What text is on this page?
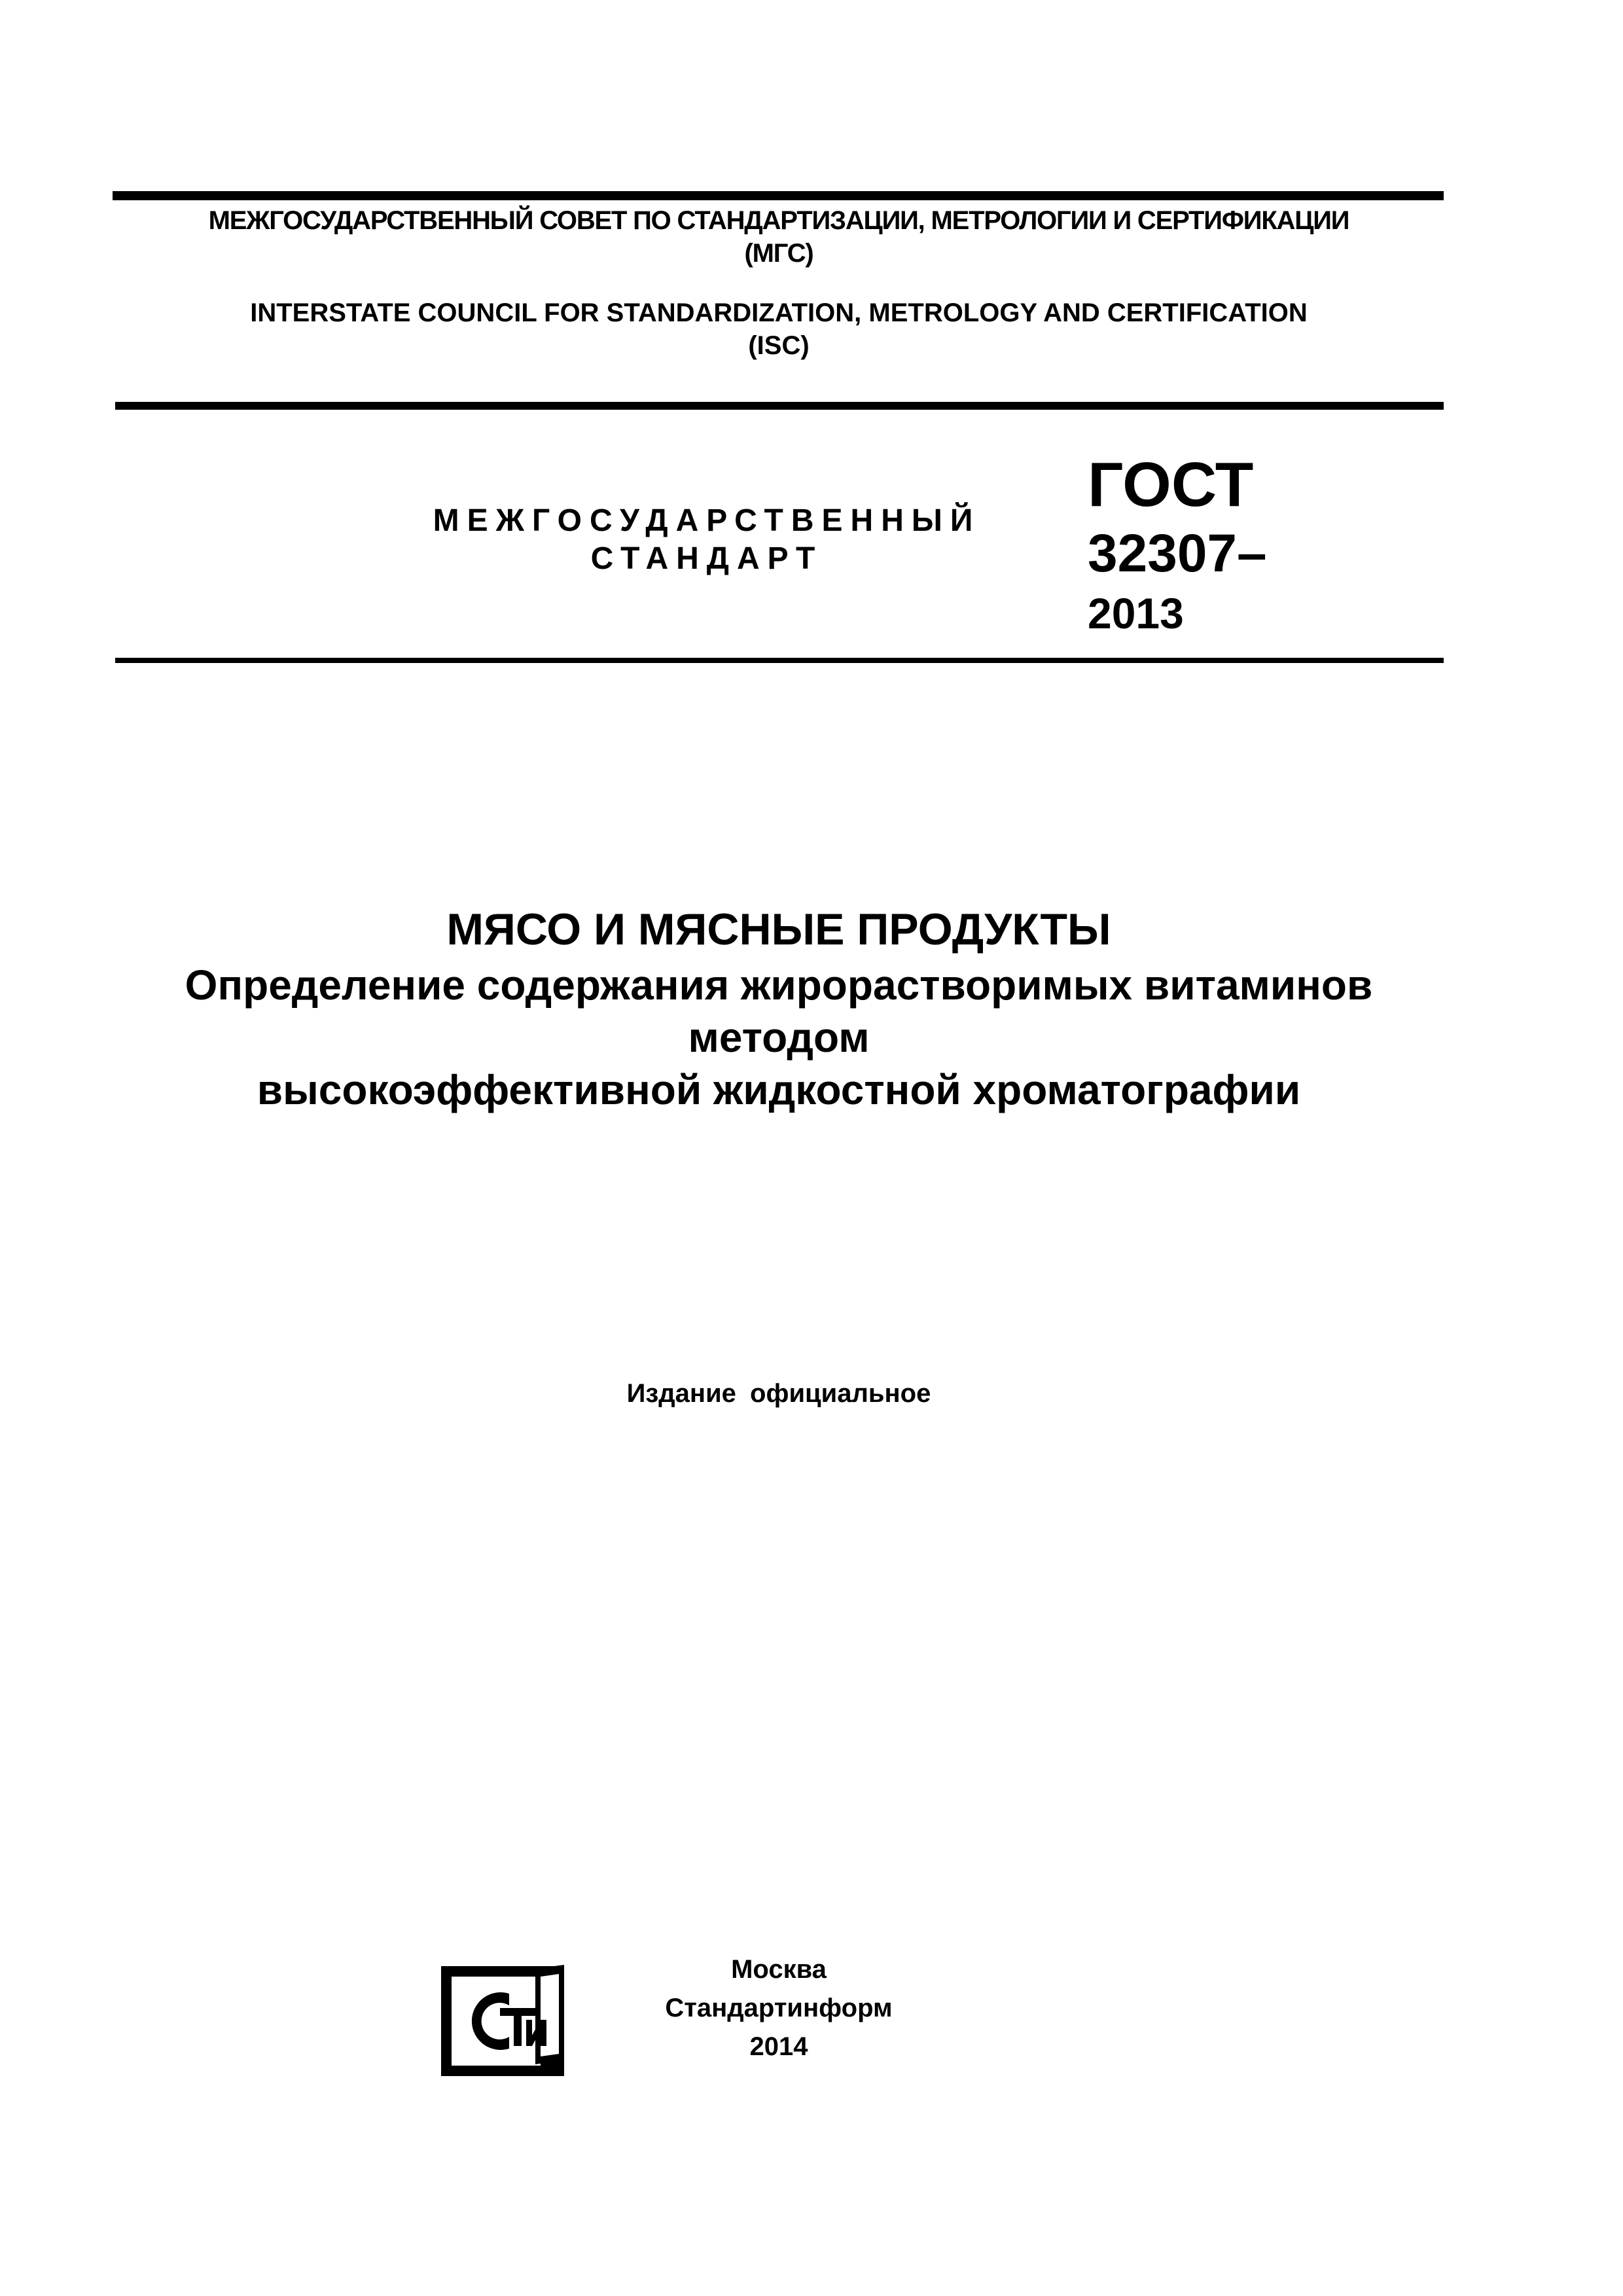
МЕЖГОСУДАРСТВЕННЫЙ СОВЕТ ПО СТАНДАРТИЗАЦИИ, МЕТРОЛОГИИ И СЕРТИФИКАЦИИ
(МГС)
INTERSTATE COUNCIL FOR STANDARDIZATION, METROLOGY AND CERTIFICATION
(ISC)
МЕЖГОСУДАРСТВЕННЫЙ
СТАНДАРТ
ГОСТ
32307–
2013
МЯСО И МЯСНЫЕ ПРОДУКТЫ
Определение содержания жирорастворимых витаминов
методом
высокоэффективной жидкостной хроматографии
Издание официальное
Москва
Стандартинформ
2014
